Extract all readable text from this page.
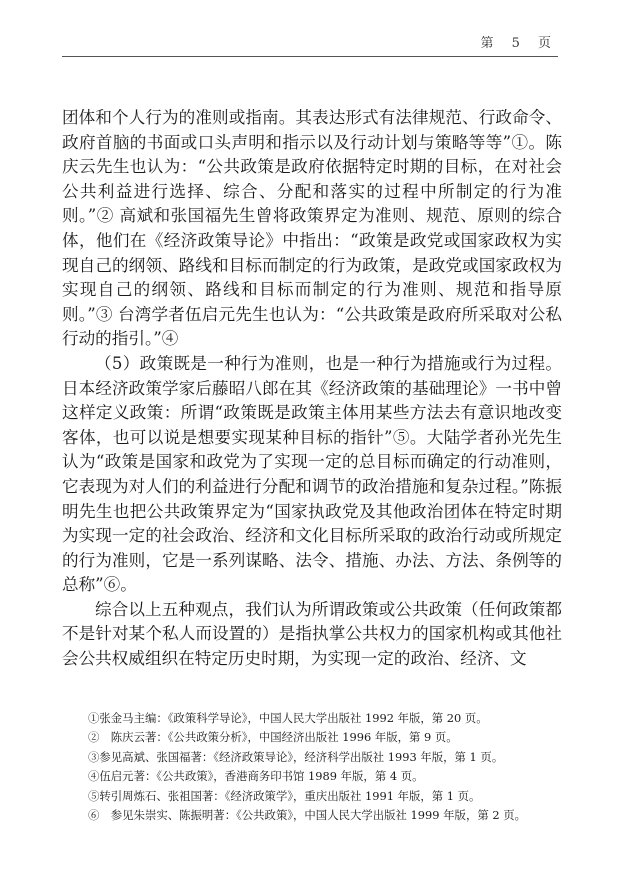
第 5 页

团体和个人行为的准则或指南。其表达形式有法律规范、行政命令、政府首脑的书面或口头声明和指示以及行动计划与策略等等”①。陈庆云先生也认为：“公共政策是政府依据特定时期的目标，在对社会公共利益进行选择、综合、分配和落实的过程中所制定的行为准则。”② 高斌和张国福先生曾将政策界定为准则、规范、原则的综合体，他们在《经济政策导论》中指出：“政策是政党或国家政权为实现自己的纲领、路线和目标而制定的行为政策，是政党或国家政权为实现自己的纲领、路线和目标而制定的行为准则、规范和指导原则。”③ 台湾学者伍启元先生也认为：“公共政策是政府所采取对公私行动的指引。”④

（5）政策既是一种行为准则，也是一种行为措施或行为过程。日本经济政策学家后藤昭八郎在其《经济政策的基础理论》一书中曾这样定义政策：所谓“政策既是政策主体用某些方法去有意识地改变客体，也可以说是想要实现某种目标的指针”⑤。大陆学者孙光先生认为“政策是国家和政党为了实现一定的总目标而确定的行动准则，它表现为对人们的利益进行分配和调节的政治措施和复杂过程。”陈振明先生也把公共政策界定为“国家执政党及其他政治团体在特定时期为实现一定的社会政治、经济和文化目标所采取的政治行动或所规定的行为准则，它是一系列谋略、法令、措施、办法、方法、条例等的总称”⑥。

综合以上五种观点，我们认为所谓政策或公共政策（任何政策都不是针对某个私人而设置的）是指执掌公共权力的国家机构或其他社会公共权威组织在特定历史时期，为实现一定的政治、经济、文

①张金马主编：《政策科学导论》，中国人民大学出版社 1992 年版，第 20 页。
②　陈庆云著：《公共政策分析》，中国经济出版社 1996 年版，第 9 页。
③参见高斌、张国福著：《经济政策导论》，经济科学出版社 1993 年版，第 1 页。
④伍启元著：《公共政策》，香港商务印书馆 1989 年版，第 4 页。
⑤转引周炼石、张祖国著：《经济政策学》，重庆出版社 1991 年版，第 1 页。
⑥　参见朱崇实、陈振明著：《公共政策》，中国人民大学出版社 1999 年版，第 2 页。
